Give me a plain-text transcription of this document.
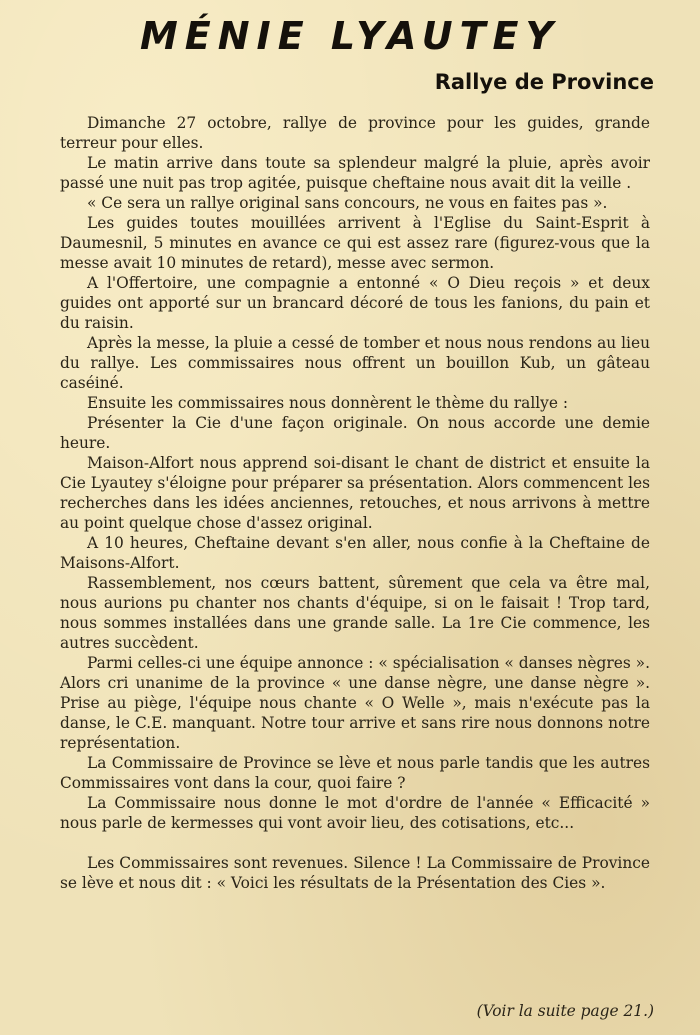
MÉNIE LYAUTEY
Rallye de Province

Dimanche 27 octobre, rallye de province pour les guides, grande terreur pour elles.

Le matin arrive dans toute sa splendeur malgré la pluie, après avoir passé une nuit pas trop agitée, puisque cheftaine nous avait dit la veille .

« Ce sera un rallye original sans concours, ne vous en faites pas ».

Les guides toutes mouillées arrivent à l'Eglise du Saint-Esprit à Daumesnil, 5 minutes en avance ce qui est assez rare (figurez-vous que la messe avait 10 minutes de retard), messe avec sermon.

A l'Offertoire, une compagnie a entonné « O Dieu reçois » et deux guides ont apporté sur un brancard décoré de tous les fanions, du pain et du raisin.

Après la messe, la pluie a cessé de tomber et nous nous rendons au lieu du rallye. Les commissaires nous offrent un bouillon Kub, un gâteau caséiné.

Ensuite les commissaires nous donnèrent le thème du rallye :

Présenter la Cie d'une façon originale. On nous accorde une demie heure.

Maison-Alfort nous apprend soi-disant le chant de district et ensuite la Cie Lyautey s'éloigne pour préparer sa présentation. Alors commencent les recherches dans les idées anciennes, retouches, et nous arrivons à mettre au point quelque chose d'assez original.

A 10 heures, Cheftaine devant s'en aller, nous confie à la Cheftaine de Maisons-Alfort.

Rassemblement, nos cœurs battent, sûrement que cela va être mal, nous aurions pu chanter nos chants d'équipe, si on le faisait ! Trop tard, nous sommes installées dans une grande salle. La 1re Cie commence, les autres succèdent.

Parmi celles-ci une équipe annonce : « spécialisation « danses nègres ». Alors cri unanime de la province « une danse nègre, une danse nègre ». Prise au piège, l'équipe nous chante « O Welle », mais n'exécute pas la danse, le C.E. manquant. Notre tour arrive et sans rire nous donnons notre représentation.

La Commissaire de Province se lève et nous parle tandis que les autres Commissaires vont dans la cour, quoi faire ?

La Commissaire nous donne le mot d'ordre de l'année « Efficacité » nous parle de kermesses qui vont avoir lieu, des cotisations, etc...

Les Commissaires sont revenues. Silence ! La Commissaire de Province se lève et nous dit : « Voici les résultats de la Présentation des Cies ».

(Voir la suite page 21.)
